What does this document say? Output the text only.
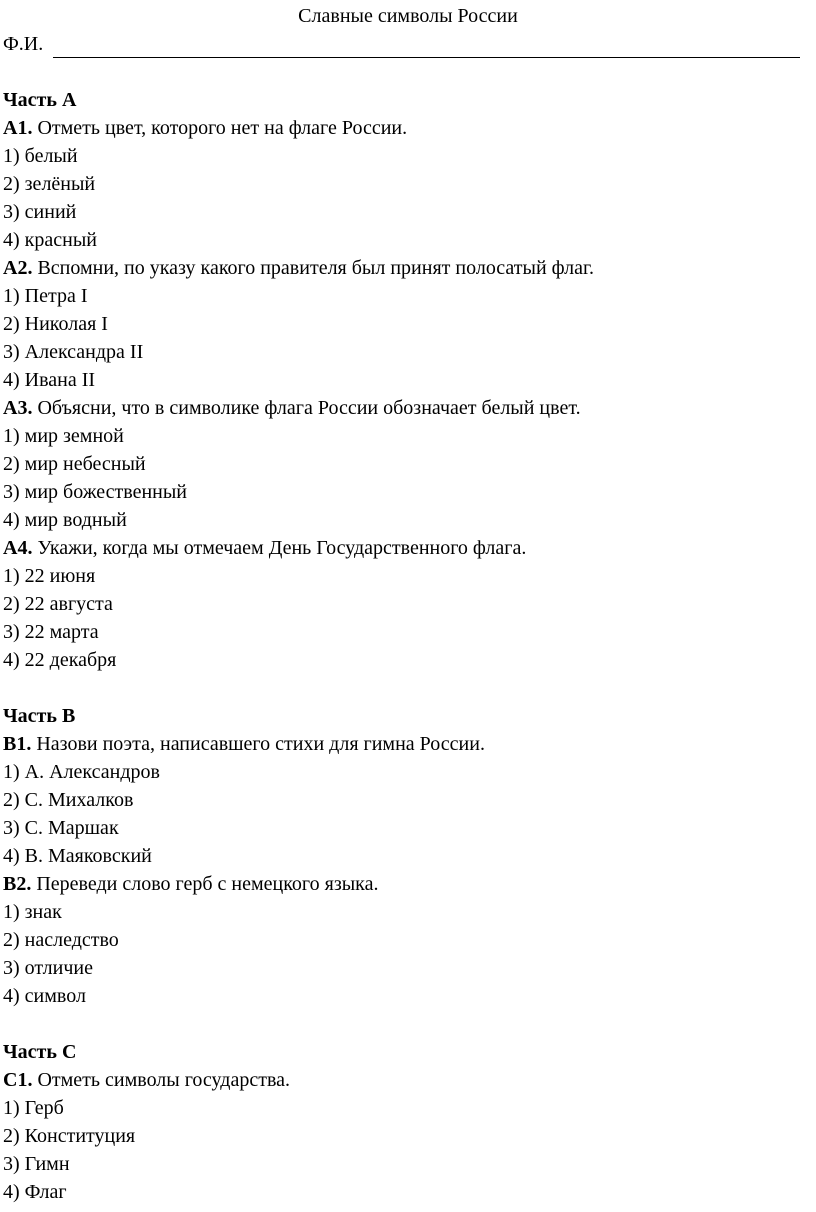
Славные символы России
Ф.И.
Часть А
А1. Отметь цвет, которого нет на флаге России.
1) белый
2) зелёный
3) синий
4) красный
А2. Вспомни, по указу какого правителя был принят полосатый флаг.
1) Петра I
2) Николая I
3) Александра II
4) Ивана II
А3. Объясни, что в символике флага России обозначает белый цвет.
1) мир земной
2) мир небесный
3) мир божественный
4) мир водный
А4. Укажи, когда мы отмечаем День Государственного флага.
1) 22 июня
2) 22 августа
3) 22 марта
4) 22 декабря
Часть В
В1. Назови поэта, написавшего стихи для гимна России.
1) А. Александров
2) С. Михалков
3) С. Маршак
4) В. Маяковский
В2. Переведи слово герб с немецкого языка.
1) знак
2) наследство
3) отличие
4) символ
Часть С
С1. Отметь символы государства.
1) Герб
2) Конституция
3) Гимн
4) Флаг
